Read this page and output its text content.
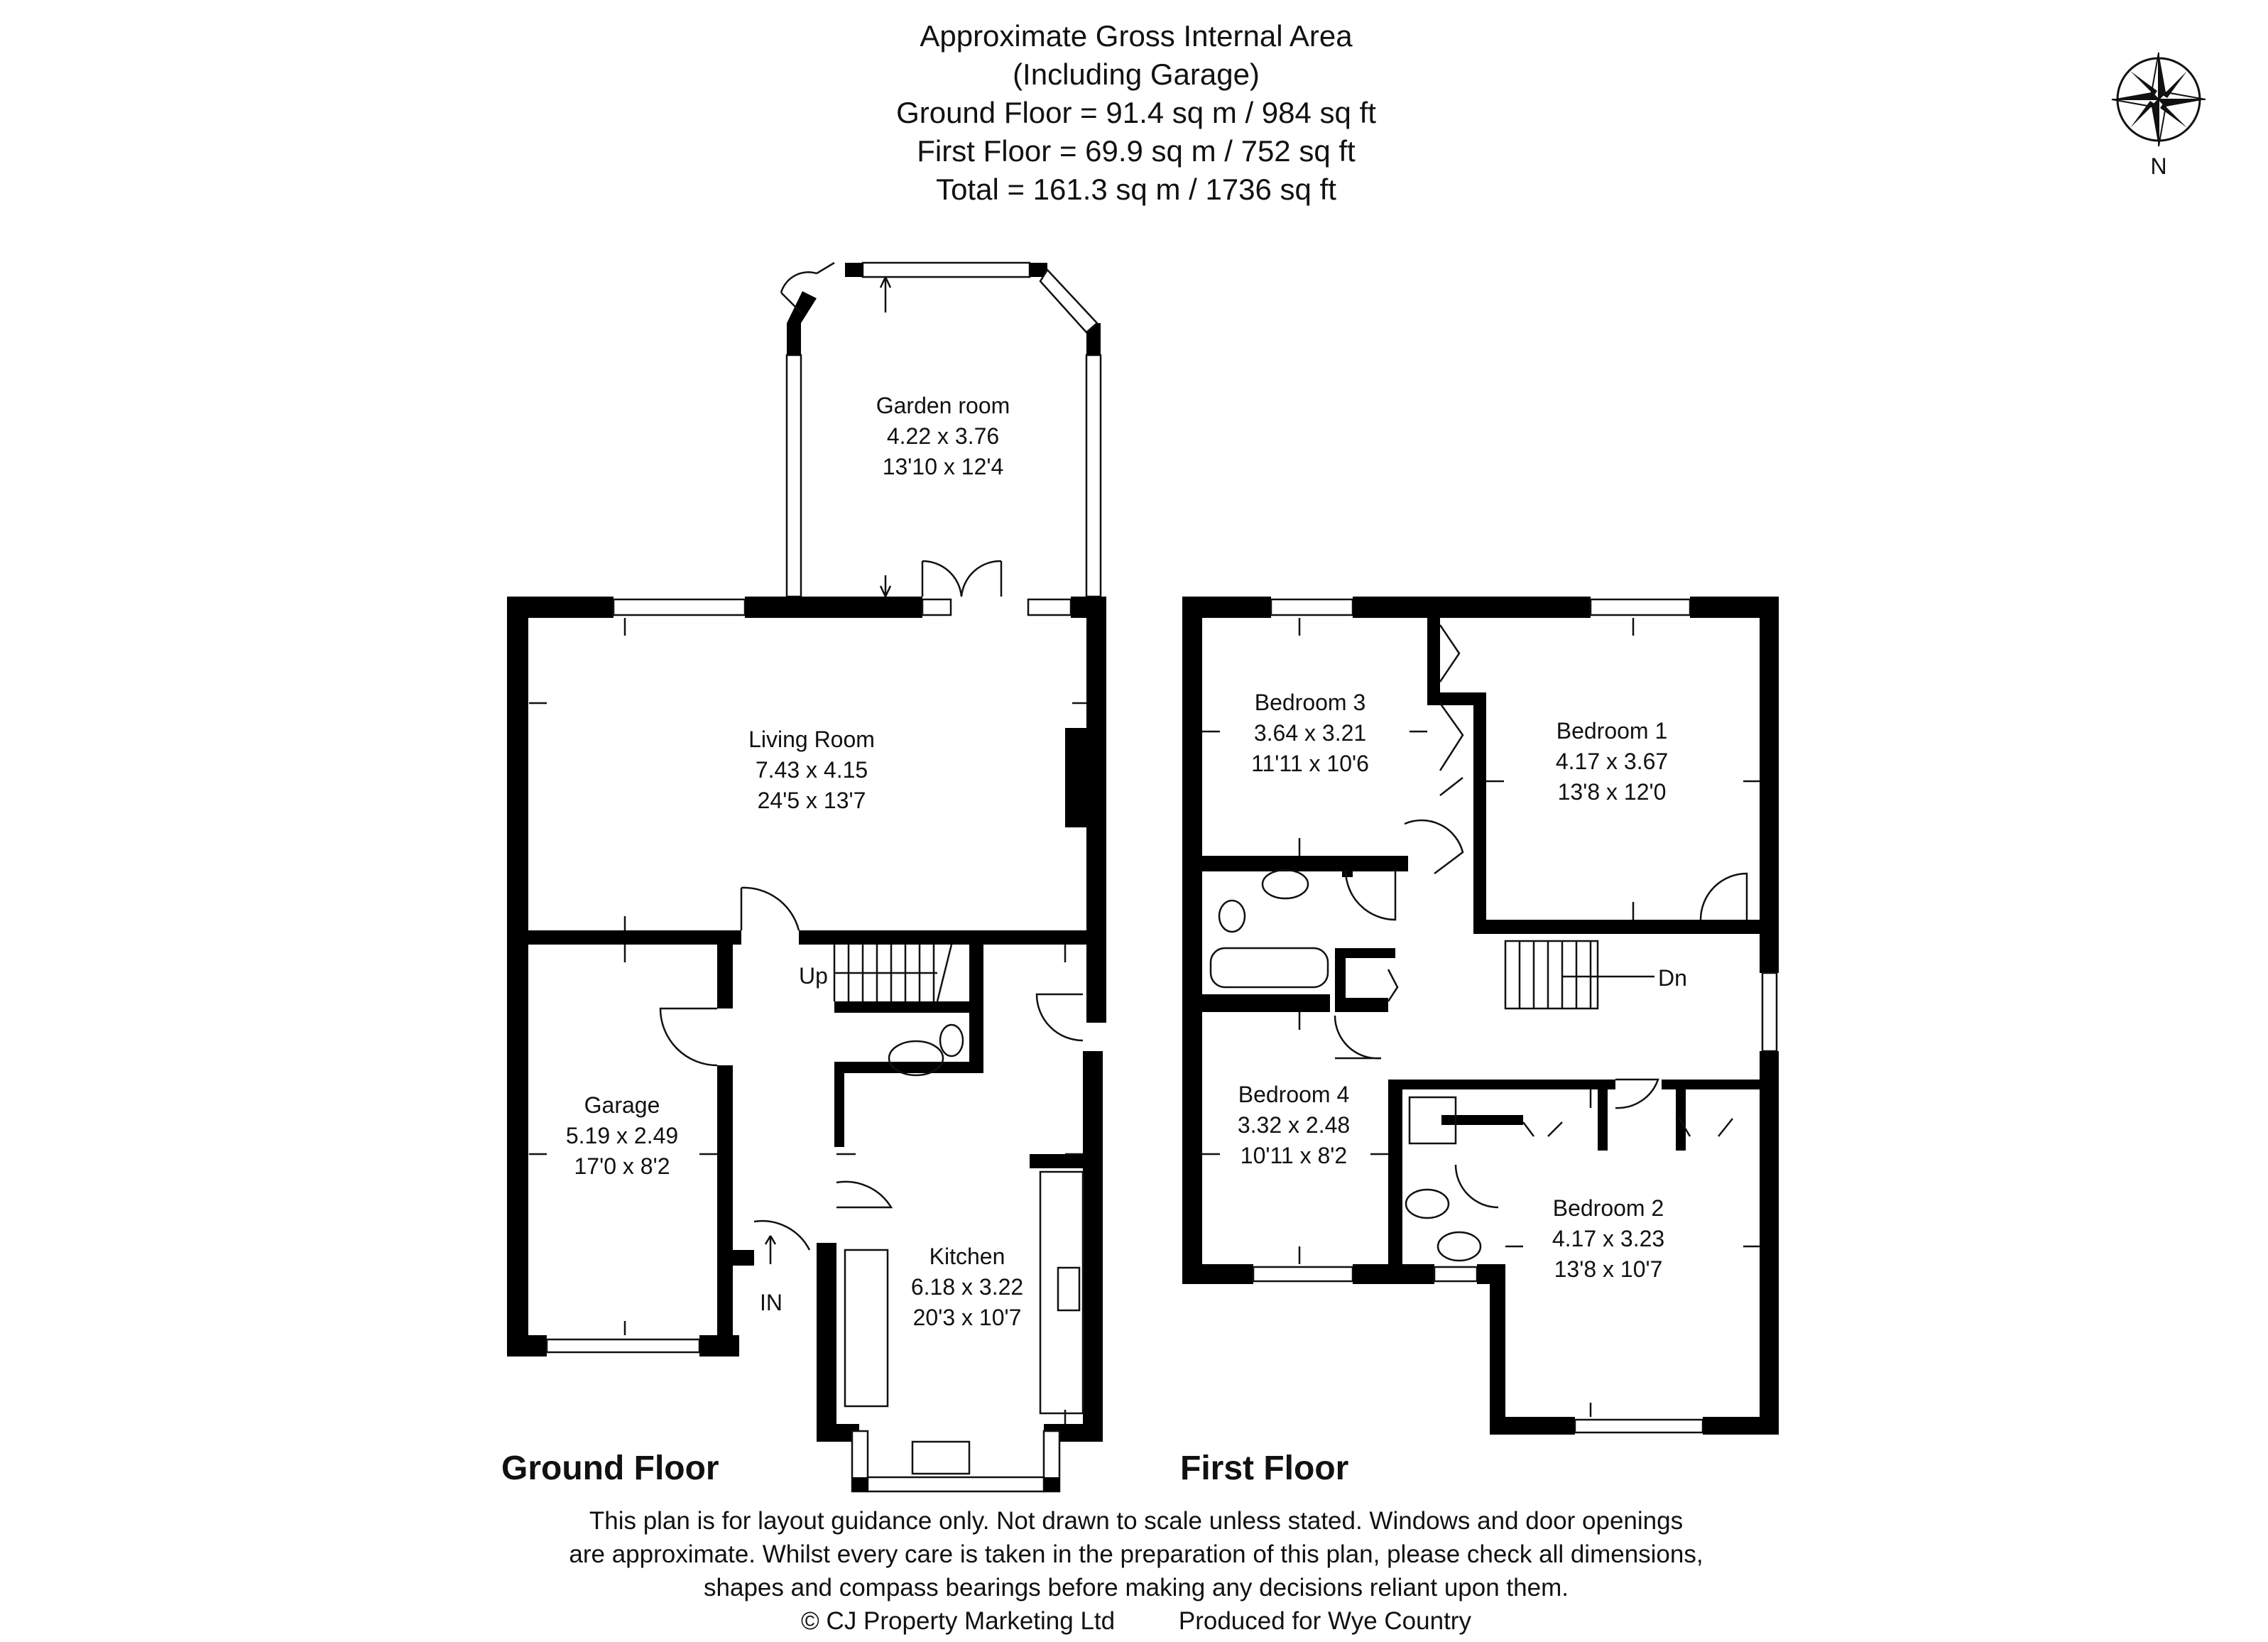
Approximate Gross Internal Area
(Including Garage)
Ground Floor = 91.4 sq m / 984 sq ft
First Floor = 69.9 sq m / 752 sq ft
Total = 161.3 sq m / 1736 sq ft
N
Garden room
4.22 x 3.76
13'10 x 12'4
Living Room
7.43 x 4.15
24'5 x 13'7
Garage
5.19 x 2.49
17'0 x 8'2
Kitchen
6.18 x 3.22
20'3 x 10'7
Up
IN
Bedroom 3
3.64 x 3.21
11'11 x 10'6
Bedroom 1
4.17 x 3.67
13'8 x 12'0
Bedroom 4
3.32 x 2.48
10'11 x 8'2
Bedroom 2
4.17 x 3.23
13'8 x 10'7
Dn
Ground Floor	First Floor
This plan is for layout guidance only. Not drawn to scale unless stated. Windows and door openings
are approximate. Whilst every care is taken in the preparation of this plan, please check all dimensions,
shapes and compass bearings before making any decisions reliant upon them.
© CJ Property Marketing Ltd	Produced for Wye Country
